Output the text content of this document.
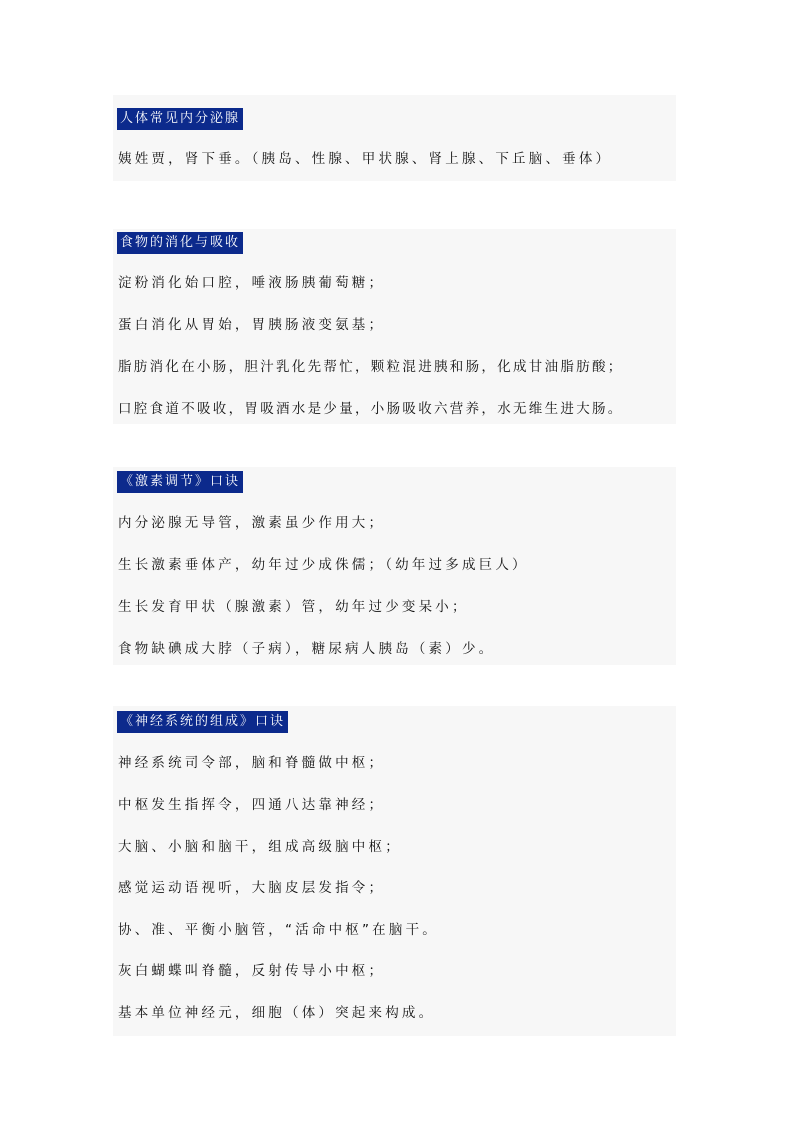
人体常见内分泌腺
姨姓贾，肾下垂。（胰岛、性腺、甲状腺、肾上腺、下丘脑、垂体）
食物的消化与吸收
淀粉消化始口腔，唾液肠胰葡萄糖；
蛋白消化从胃始，胃胰肠液变氨基；
脂肪消化在小肠，胆汁乳化先帮忙，颗粒混进胰和肠，化成甘油脂肪酸；
口腔食道不吸收，胃吸酒水是少量，小肠吸收六营养，水无维生进大肠。
《激素调节》口诀
内分泌腺无导管，激素虽少作用大；
生长激素垂体产，幼年过少成侏儒；（幼年过多成巨人）
生长发育甲状（腺激素）管，幼年过少变呆小；
食物缺碘成大脖（子病），糖尿病人胰岛（素）少。
《神经系统的组成》口诀
神经系统司令部，脑和脊髓做中枢；
中枢发生指挥令，四通八达靠神经；
大脑、小脑和脑干，组成高级脑中枢；
感觉运动语视听，大脑皮层发指令；
协、准、平衡小脑管，“活命中枢”在脑干。
灰白蝴蝶叫脊髓，反射传导小中枢；
基本单位神经元，细胞（体）突起来构成。
